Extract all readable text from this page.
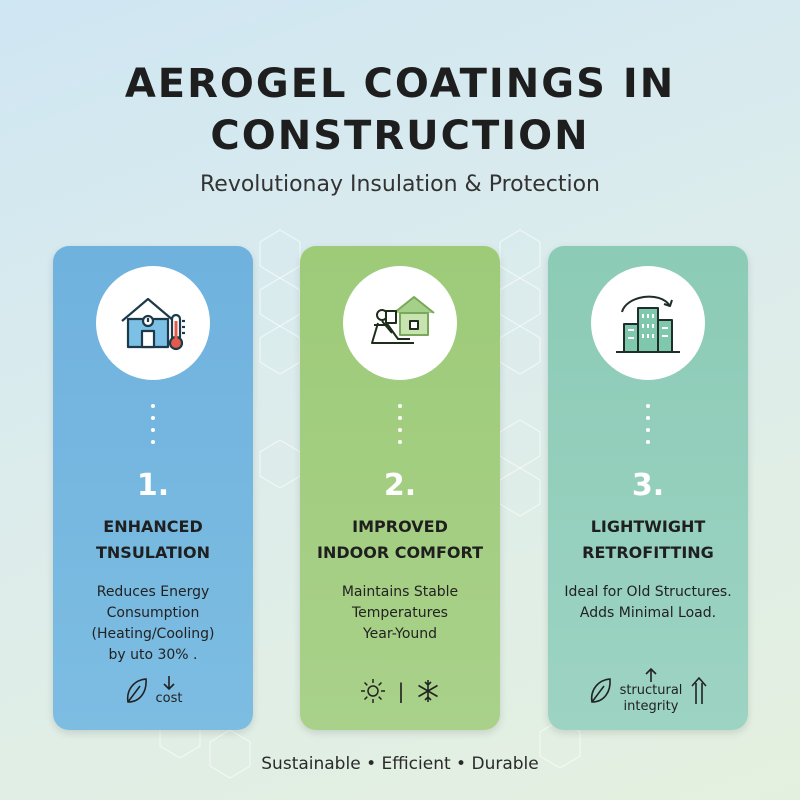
AEROGEL COATINGS IN
CONSTRUCTION
Revolutionay Insulation & Protection
1.
ENHANCED
TNSULATION
Reduces Energy
Consumption
(Heating/Cooling)
by uto 30% .
cost
2.
IMPROVED
INDOOR COMFORT
Maintains Stable
Temperatures
Year-Yound
|
3.
LIGHTWIGHT
RETROFITTING
Ideal for Old Structures.
Adds Minimal Load.
structural
integrity
Sustainable • Efficient • Durable
